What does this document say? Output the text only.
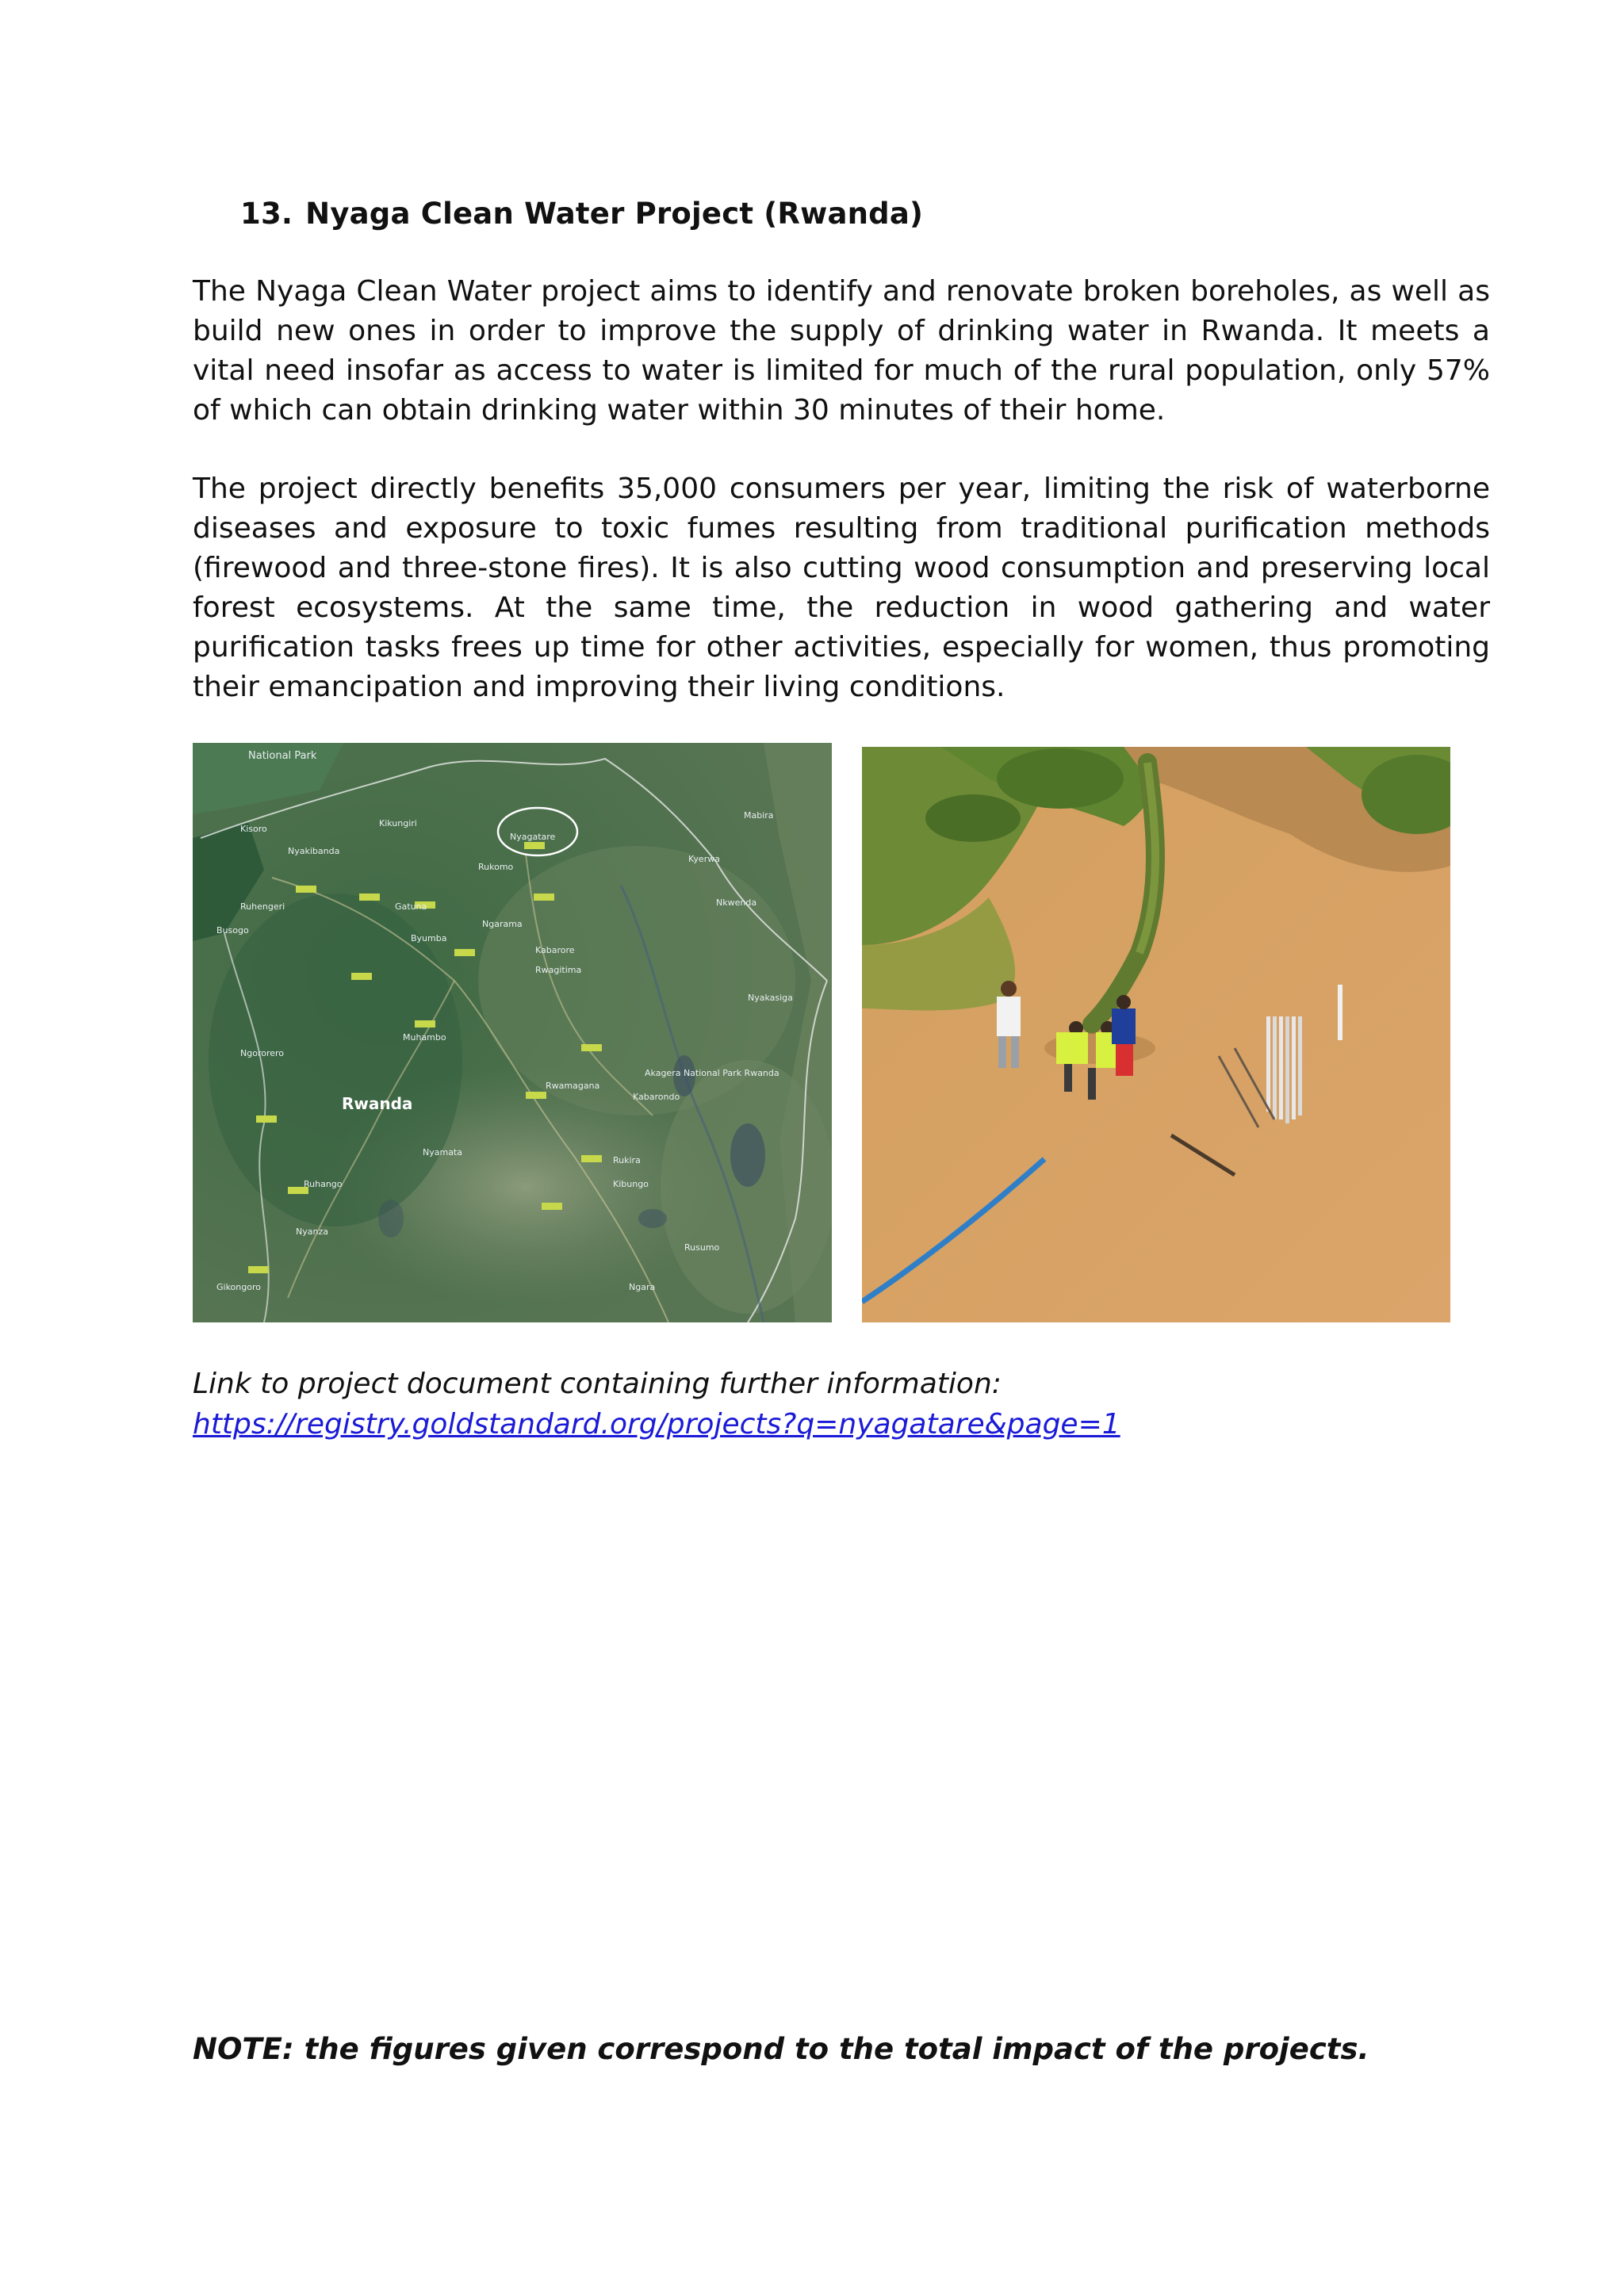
13. Nyaga Clean Water Project (Rwanda)

The Nyaga Clean Water project aims to identify and renovate broken boreholes, as well as build new ones in order to improve the supply of drinking water in Rwanda. It meets a vital need insofar as access to water is limited for much of the rural population, only 57% of which can obtain drinking water within 30 minutes of their home.

The project directly benefits 35,000 consumers per year, limiting the risk of waterborne diseases and exposure to toxic fumes resulting from traditional purification methods (firewood and three-stone fires). It is also cutting wood consumption and preserving local forest ecosystems. At the same time, the reduction in wood gathering and water purification tasks frees up time for other activities, especially for women, thus promoting their emancipation and improving their living conditions.

National Park
Nyagatare
Kikungiri
Rukomo
Kisoro
Nyakibanda
Gatuna
Ruhengeri
Busogo
Byumba
Ngarama
Kabarore
Rwagitima
Mabira
Kyerwa
Nkwenda
Nyakasiga
Muhambo
Ngororero
Akagera National Park Rwanda
Kabarondo
Rwamagana
Nyamata
Ruhango
Nyanza
Rusumo
Gikongoro
Kibungo
Rukira
Ngara
Rwanda
Link to project document containing further information:
https://registry.goldstandard.org/projects?q=nyagatare&page=1
NOTE: the figures given correspond to the total impact of the projects.
